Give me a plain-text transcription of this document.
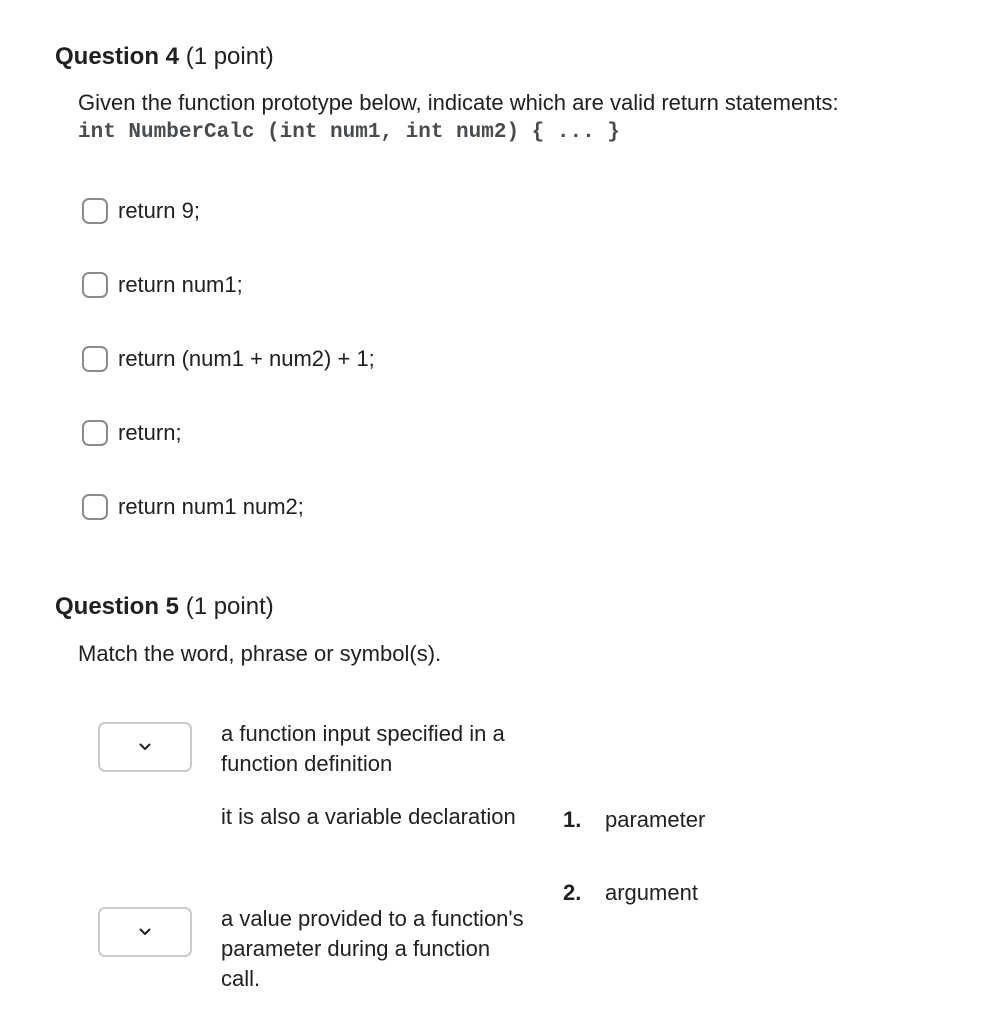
Question 4 (1 point)
Given the function prototype below, indicate which are valid return statements:
int NumberCalc (int num1, int num2) { ... }
return 9;
return num1;
return (num1 + num2) + 1;
return;
return num1 num2;
Question 5 (1 point)
Match the word, phrase or symbol(s).
a function input specified in a function definition
it is also a variable declaration
a value provided to a function's parameter during a function call.
1.	parameter
2.	argument
